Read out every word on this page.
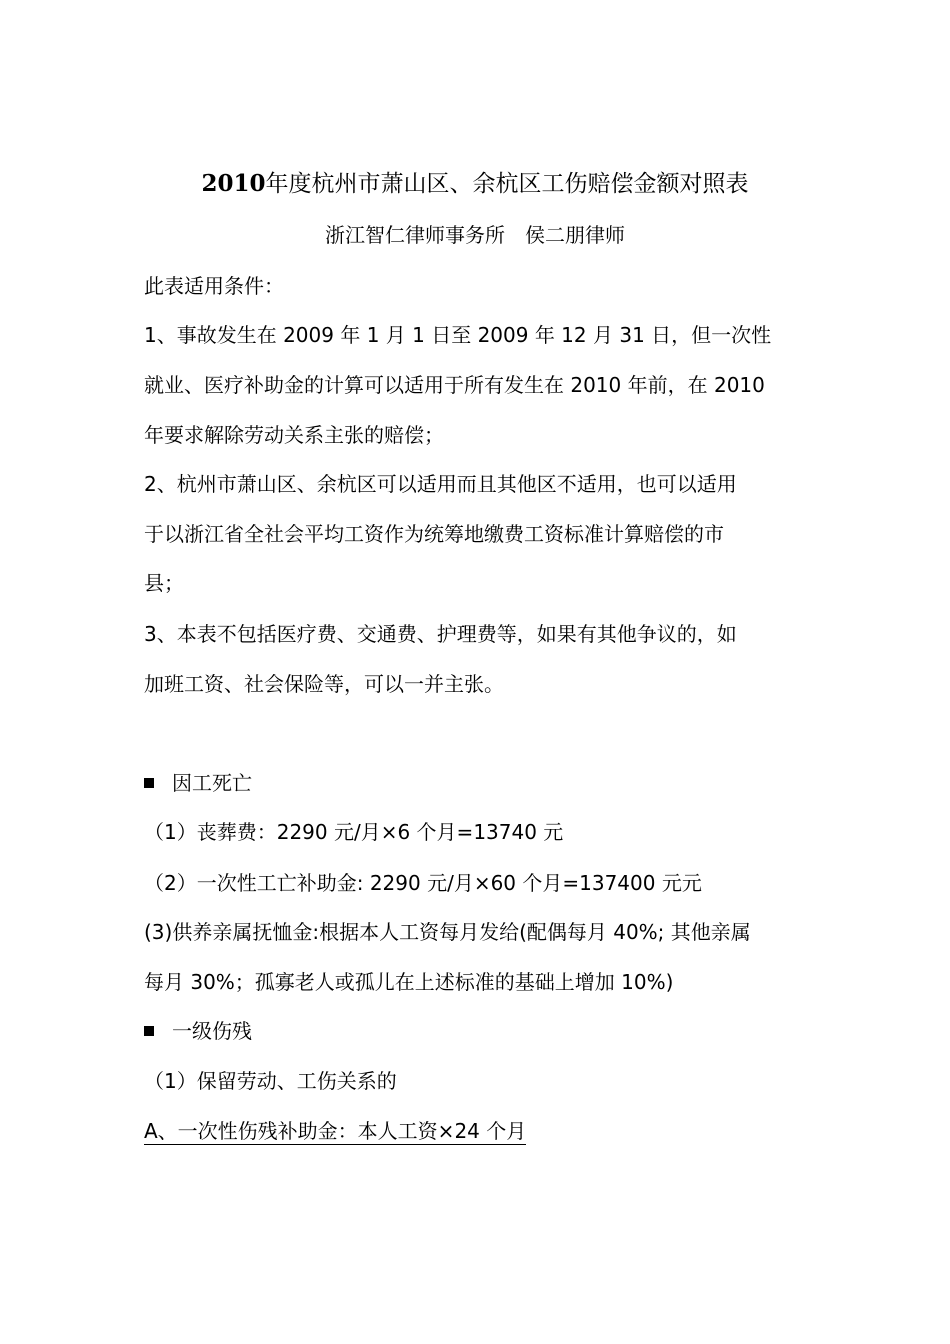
2010年度杭州市萧山区、余杭区工伤赔偿金额对照表
浙江智仁律师事务所　侯二朋律师
此表适用条件：
1、事故发生在 2009 年 1 月 1 日至 2009 年 12 月 31 日，但一次性
就业、医疗补助金的计算可以适用于所有发生在 2010 年前，在 2010
年要求解除劳动关系主张的赔偿；
2、杭州市萧山区、余杭区可以适用而且其他区不适用，也可以适用
于以浙江省全社会平均工资作为统筹地缴费工资标准计算赔偿的市
县；
3、本表不包括医疗费、交通费、护理费等，如果有其他争议的，如
加班工资、社会保险等，可以一并主张。
因工死亡
（1）丧葬费：2290 元/月×6 个月=13740 元
（2）一次性工亡补助金: 2290 元/月×60 个月=137400 元元
(3)供养亲属抚恤金:根据本人工资每月发给(配偶每月 40%; 其他亲属
每月 30%；孤寡老人或孤儿在上述标准的基础上增加 10%)
一级伤残
（1）保留劳动、工伤关系的
A、一次性伤残补助金：本人工资×24 个月
